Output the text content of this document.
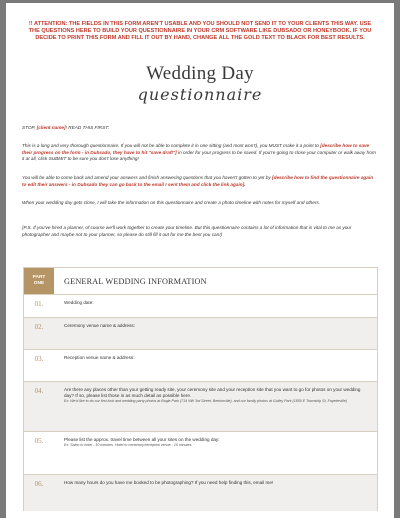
!! ATTENTION: THE FIELDS IN THIS FORM AREN'T USABLE AND YOU SHOULD NOT SEND IT TO YOUR CLIENTS THIS WAY. USE THE QUESTIONS HERE TO BUILD YOUR QUESTIONNAIRE IN YOUR CRM SOFTWARE LIKE DUBSADO OR HONEYBOOK. IF YOU DECIDE TO PRINT THIS FORM AND FILL IT OUT BY HAND, CHANGE ALL THE GOLD TEXT TO BLACK FOR BEST RESULTS.
Wedding Day
questionnaire
STOP, [client name]! READ THIS FIRST:
This is a long and very thorough questionnaire. If you will not be able to complete it in one sitting (and most won't), you MUST make it a point to [describe how to save their progress on the form - in Dubsado, they have to hit "save draft"] in order for your progress to be saved. If you're going to close your computer or walk away from it at all, click SUBMIT to be sure you don't lose anything!
You will be able to come back and amend your answers and finish answering questions that you haven't gotten to yet by [describe how to find the questionnaire again to edit their answers - in Dubsado they can go back to the email I sent them and click the link again].
When your wedding day gets close, I will take the information on this questionnaire and create a photo timeline with notes for myself and others.
(P.S. If you've hired a planner, of course we'll work together to create your timeline. But this questionnaire contains a lot of information that is vital to me as your photographer and maybe not to your planner, so please do still fill it out for me the best you can!)
PART
ONE	GENERAL WEDDING INFORMATION
01.	Wedding date:
02.	Ceremony venue name & address:
03.	Reception venue name & address:
04.	Are there any places other than your getting ready site, your ceremony site and your reception site that you want to go for photos on your wedding day? If so, please list those in as much detail as possible here.
Ex: We'd like to do our first look and wedding party photos at Bogle Park (714 NW 3rd Street, Bentonville), and our family photos at Gulley Park (1850 E Township St, Fayetteville)
05.	Please list the approx. travel time between all your sites on the wedding day:
Ex: Salon to hotel - 10 minutes. Hotel to ceremony/reception venue - 15 minutes.
06.	How many hours do you have me booked to be photographing? If you need help finding this, email me!
